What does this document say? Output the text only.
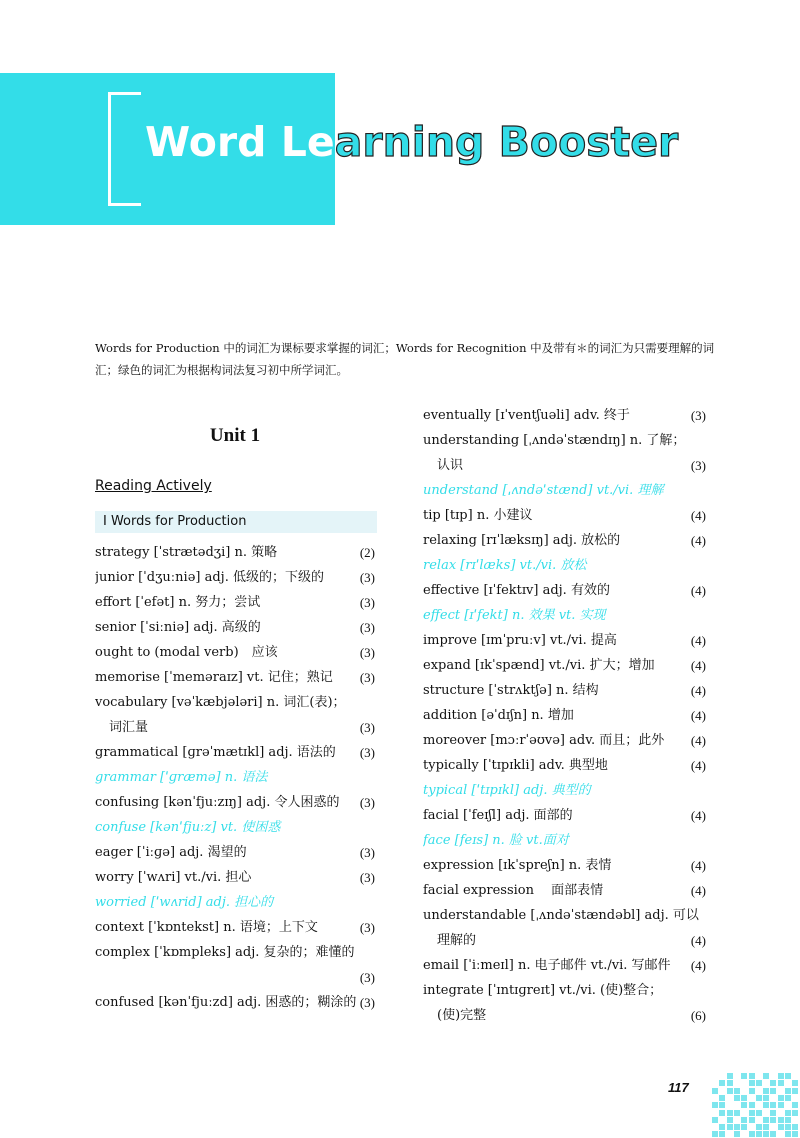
Word Learning Booster
Words for Production 中的词汇为课标要求掌握的词汇；Words for Recognition 中及带有＊的词汇为只需要理解的词汇；绿色的词汇为根据构词法复习初中所学词汇。
Unit 1
Reading Actively
Ⅰ Words for Production
strategy [ˈstrætədʒi] n. 策略	(2)
junior [ˈdʒuːniə] adj. 低级的；下级的	(3)
effort [ˈefət] n. 努力；尝试	(3)
senior [ˈsiːniə] adj. 高级的	(3)
ought to (modal verb)　应该	(3)
memorise [ˈmeməraɪz] vt. 记住；熟记	(3)
vocabulary [vəˈkæbjələri] n. 词汇(表)；
词汇量	(3)
grammatical [ɡrəˈmætɪkl] adj. 语法的	(3)
grammar [ˈɡræmə] n. 语法
confusing [kənˈfjuːzɪŋ] adj. 令人困惑的	(3)
confuse [kənˈfjuːz] vt. 使困惑
eager [ˈiːɡə] adj. 渴望的	(3)
worry [ˈwʌri] vt./vi. 担心	(3)
worried [ˈwʌrid] adj. 担心的
context [ˈkɒntekst] n. 语境；上下文	(3)
complex [ˈkɒmpleks] adj. 复杂的；难懂的
(3)
confused [kənˈfjuːzd] adj. 困惑的；糊涂的 (3)
eventually [ɪˈventʃuəli] adv. 终于	(3)
understanding [ˌʌndəˈstændɪŋ] n. 了解；
认识	(3)
understand [ˌʌndəˈstænd] vt./vi. 理解
tip [tɪp] n. 小建议	(4)
relaxing [rɪˈlæksɪŋ] adj. 放松的	(4)
relax [rɪˈlæks] vt./vi. 放松
effective [ɪˈfektɪv] adj. 有效的	(4)
effect [ɪˈfekt] n. 效果 vt. 实现
improve [ɪmˈpruːv] vt./vi. 提高	(4)
expand [ɪkˈspænd] vt./vi. 扩大；增加	(4)
structure [ˈstrʌktʃə] n. 结构	(4)
addition [əˈdɪʃn] n. 增加	(4)
moreover [mɔːrˈəʊvə] adv. 而且；此外	(4)
typically [ˈtɪpɪkli] adv. 典型地	(4)
typical [ˈtɪpɪkl] adj. 典型的
facial [ˈfeɪʃl] adj. 面部的	(4)
face [feɪs] n. 脸 vt.面对
expression [ɪkˈspreʃn] n. 表情	(4)
facial expression　 面部表情	(4)
understandable [ˌʌndəˈstændəbl] adj. 可以
理解的	(4)
email [ˈiːmeɪl] n. 电子邮件 vt./vi. 写邮件	(4)
integrate [ˈɪntɪɡreɪt] vt./vi. (使)整合；
(使)完整	(6)
117
